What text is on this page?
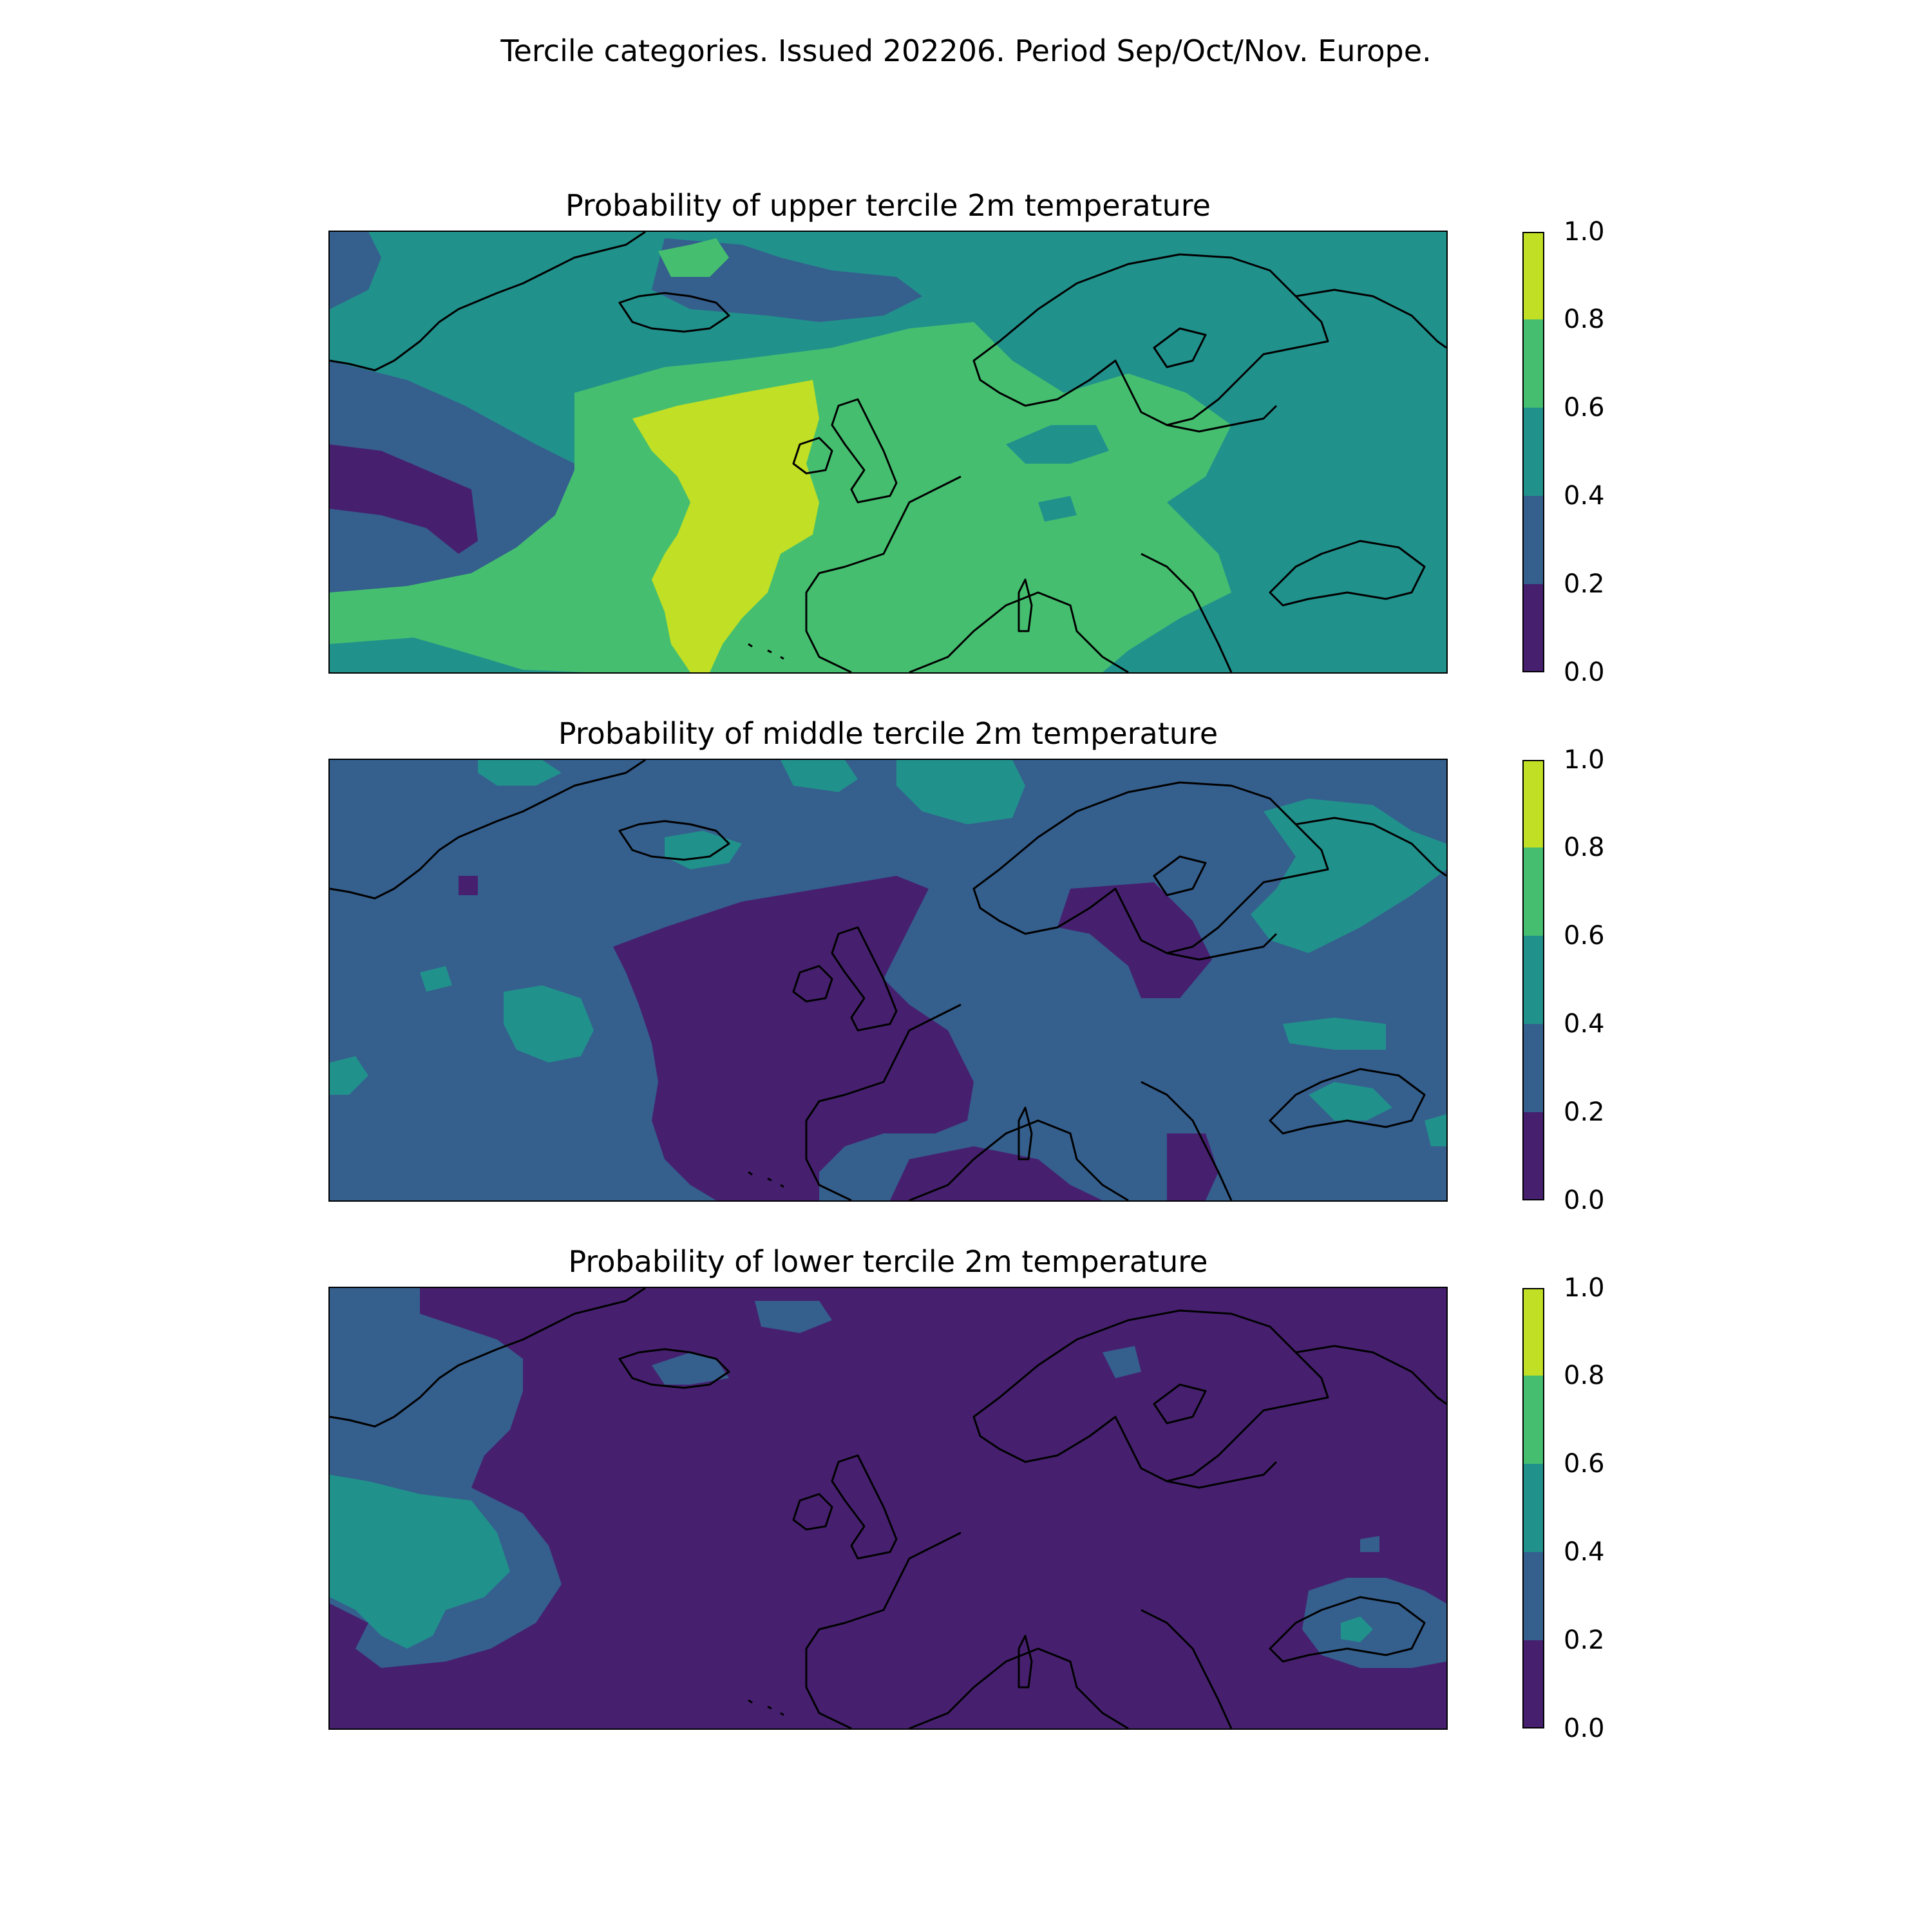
Tercile categories. Issued 202206. Period Sep/Oct/Nov. Europe.
Probability of upper tercile 2m temperature
0.0
0.2
0.4
0.6
0.8
1.0
Probability of middle tercile 2m temperature
0.0
0.2
0.4
0.6
0.8
1.0
Probability of lower tercile 2m temperature
0.0
0.2
0.4
0.6
0.8
1.0
